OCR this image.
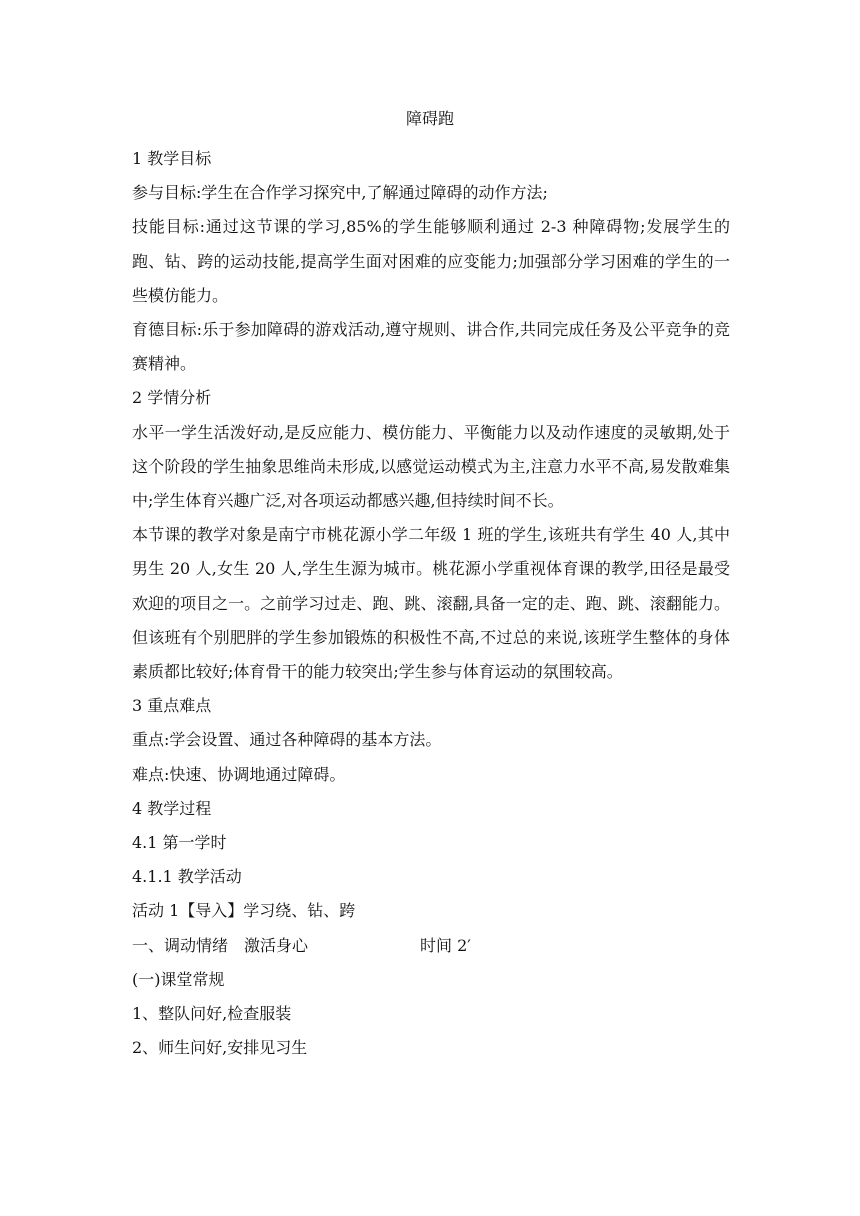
障碍跑

1 教学目标

参与目标:学生在合作学习探究中,了解通过障碍的动作方法;

技能目标:通过这节课的学习,85%的学生能够顺利通过 2-3 种障碍物;发展学生的跑、钻、跨的运动技能,提高学生面对困难的应变能力;加强部分学习困难的学生的一些模仿能力。

育德目标:乐于参加障碍的游戏活动,遵守规则、讲合作,共同完成任务及公平竞争的竞赛精神。

2 学情分析

水平一学生活泼好动,是反应能力、模仿能力、平衡能力以及动作速度的灵敏期,处于这个阶段的学生抽象思维尚未形成,以感觉运动模式为主,注意力水平不高,易发散难集中;学生体育兴趣广泛,对各项运动都感兴趣,但持续时间不长。

本节课的教学对象是南宁市桃花源小学二年级 1 班的学生,该班共有学生 40 人,其中男生 20 人,女生 20 人,学生生源为城市。桃花源小学重视体育课的教学,田径是最受欢迎的项目之一。之前学习过走、跑、跳、滚翻,具备一定的走、跑、跳、滚翻能力。但该班有个别肥胖的学生参加锻炼的积极性不高,不过总的来说,该班学生整体的身体素质都比较好;体育骨干的能力较突出;学生参与体育运动的氛围较高。

3 重点难点

重点:学会设置、通过各种障碍的基本方法。

难点:快速、协调地通过障碍。

4 教学过程

4.1 第一学时

4.1.1 教学活动

活动 1【导入】学习绕、钻、跨

一、调动情绪　激活身心　　　　　　　时间 2′

(一)课堂常规

1、整队问好,检查服装

2、师生问好,安排见习生
